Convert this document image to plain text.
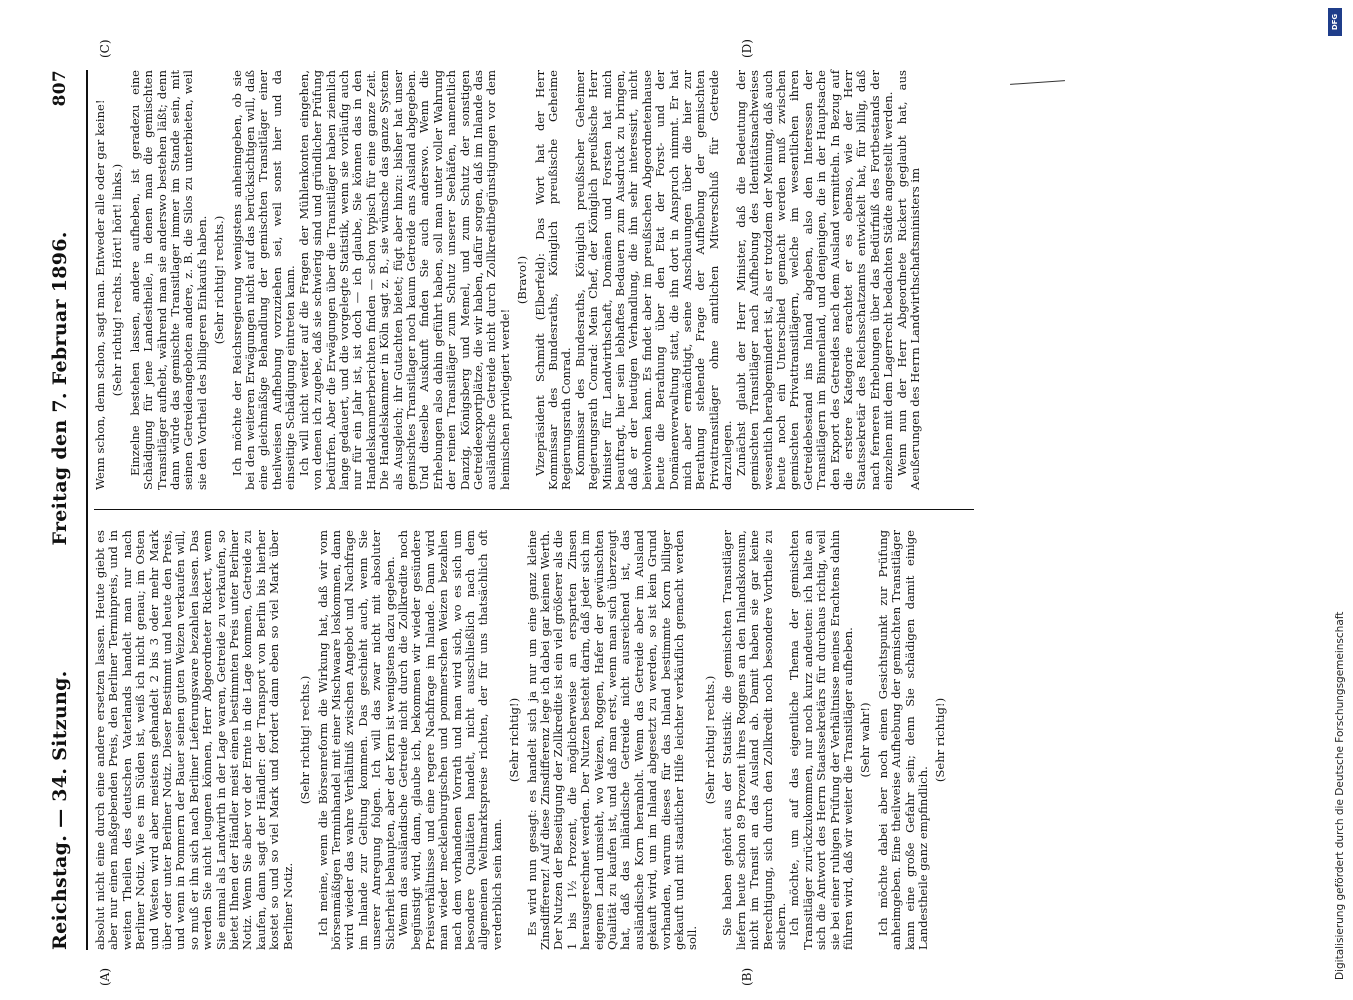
Reichstag. — 34. Sitzung.
Freitag den 7. Februar 1896.
807

absolut nicht eine durch eine andere ersetzen lassen. Heute giebt es aber nur einen maßgebenden Preis, den Berliner Terminpreis, und in weiten Theilen des deutschen Vaterlands handelt man nur nach Berliner Notiz. Wie es im Süden ist, weiß ich nicht genau; im Osten und Westen wird aber meistens gehandelt 2 bis 3 oder mehr Mark über oder unter Berliner Notiz. Dieser Bestimmt und heute den Preis, und wenn in Pommern der Bauer seinen guten Weizen verkaufen will, so muß er ihn sich nach Berliner Lieferungsware bezahlen lassen. Das werden Sie nicht leugnen können, Herr Abgeordneter Rickert, wenn Sie einmal als Landwirth in der Lage waren, Getreide zu verkaufen, so bietet Ihnen der Händler meist einen bestimmten Preis unter Berliner Notiz. Wenn Sie aber vor der Ernte in die Lage kommen, Getreide zu kaufen, dann sagt der Händler: der Transport von Berlin bis hierher kostet so und so viel Mark und fordert dann eben so viel Mark über Berliner Notiz.

(Sehr richtig! rechts.) Ich meine, wenn die Börsenreform die Wirkung hat, daß wir vom börsenmäßigen Terminhandel mit einer Mischwaare loskommen, dann wird wieder das wahre Verhältniß zwischen Angebot und Nachfrage im Inlande zur Geltung kommen. Das geschieht auch, wenn Sie unserer Anregung folgen. Ich will das zwar nicht mit absoluter Sicherheit behaupten, aber der Kern ist wenigstens dazu gegeben. Wenn das ausländische Getreide nicht durch die Zollkredite noch begünstigt wird, dann, glaube ich, bekommen wir wieder gesündere Preisverhältnisse und eine regere Nachfrage im Inlande. Dann wird man wieder mecklenburgischen und pommerschen Weizen bezahlen nach dem vorhandenen Vorrath und man wird sich, wo es sich um besondere Qualitäten handelt, nicht ausschließlich nach dem allgemeinen Weltmarktspreise richten, der für uns thatsächlich oft verderblich sein kann.

(Sehr richtig!) Es wird nun gesagt: es handelt sich ja nur um eine ganz kleine Zinsdifferenz! Auf diese Zinsdifferenz lege ich dabei gar keinen Werth. Der Nutzen der Beseitigung der Zollkredite ist ein viel größerer als die 1 bis 1½ Prozent, die möglicherweise an ersparten Zinsen herausgerechnet werden. Der Nutzen besteht darin, daß jeder sich im eigenen Land umsieht, wo Weizen, Roggen, Hafer der gewünschten Qualität zu kaufen ist, und daß man erst, wenn man sich überzeugt hat, daß das inländische Getreide nicht ausreichend ist, das ausländische Korn heranholt. Wenn das Getreide aber im Ausland gekauft wird, um im Inland abgesetzt zu werden, so ist kein Grund vorhanden, warum dieses für das Inland bestimmte Korn billiger gekauft und mit staatlicher Hilfe leichter verkäuflich gemacht werden soll.

(Sehr richtig! rechts.) Sie haben gehört aus der Statistik: die gemischten Transitläger liefern heute schon 89 Prozent ihres Roggens an den Inlandskonsum, nicht im Transit an das Ausland ab. Damit haben sie gar keine Berechtigung, sich durch den Zollkredit noch besondere Vortheile zu sichern. Ich möchte, um auf das eigentliche Thema der gemischten Transitläger zurückzukommen, nur noch kurz andeuten: ich halte an sich die Antwort des Herrn Staatssekretärs für durchaus richtig, weil sie bei einer ruhigen Prüfung der Verhältnisse meines Erachtens dahin führen wird, daß wir weiter die Transitläger aufheben. (Sehr wahr!) Ich möchte dabei aber noch einen Gesichtspunkt zur Prüfung anheimgeben. Eine theilweise Aufhebung der gemischten Transitläger kann eine große Gefahr sein; denn Sie schädigen damit einige Landestheile ganz empfindlich.

(Sehr richtig!)

Wenn schon, denn schon, sagt man. Entweder alle oder gar keine! (Sehr richtig! rechts. Hört! hört! links.) Einzelne bestehen lassen, andere aufheben, ist geradezu eine Schädigung für jene Landestheile, in denen man die gemischten Transitläger aufhebt, während man sie anderswo bestehen läßt; denn dann würde das gemischte Transitlager immer im Stande sein, mit seinen Getreideangeboten andere, z. B. die Silos zu unterbieten, weil sie den Vortheil des billigeren Einkaufs haben. (Sehr richtig! rechts.) Ich möchte der Reichsregierung wenigstens anheimgeben, ob sie bei den weiteren Erwägungen nicht auf das berücksichtigen will, daß eine gleichmäßige Behandlung der gemischten Transitläger einer theilweisen Aufhebung vorzuziehen sei, weil sonst hier und da einseitige Schädigung eintreten kann. Ich will nicht weiter auf die Fragen der Mühlenkonten eingehen, von denen ich zugebe, daß sie schwierig sind und gründlicher Prüfung bedürfen. Aber die Erwägungen über die Transitläger haben ziemlich lange gedauert, und die vorgelegte Statistik, wenn sie vorläufig auch nur für ein Jahr ist, ist doch — ich glaube, Sie können das in den Handelskammerberichten finden — schon typisch für eine ganze Zeit. Die Handelskammer in Köln sagt z. B., sie wünsche das ganze System als Ausgleich; ihr Gutachten bietet; fügt aber hinzu: bisher hat unser gemischtes Transitlager noch kaum Getreide ans Ausland abgegeben. Und dieselbe Auskunft finden Sie auch anderswo. Wenn die Erhebungen also dahin geführt haben, soll man unter voller Wahrung der reinen Transitläger zum Schutz unserer Seehäfen, namentlich Danzig, Königsberg und Memel, und zum Schutz der sonstigen Getreideexportplätze, die wir haben, dafür sorgen, daß im Inlande das ausländische Getreide nicht durch Zollkreditbegünstigungen vor dem heimischen privilegiert werde!

(Bravo!) Vizepräsident Schmidt (Elberfeld): Das Wort hat der Herr Kommissar des Bundesraths, Königlich preußische Geheime Regierungsrath Conrad. Kommissar des Bundesraths, Königlich preußischer Geheimer Regierungsrath Conrad: Mein Chef, der Königlich preußische Herr Minister für Landwirthschaft, Domänen und Forsten hat mich beauftragt, hier sein lebhaftes Bedauern zum Ausdruck zu bringen, daß er der heutigen Verhandlung, die ihn sehr interessirt, nicht beiwohnen kann. Es findet aber im preußischen Abgeordnetenhause heute die Berathung über den Etat der Forst- und der Domänenverwaltung statt, die ihn dort in Anspruch nimmt. Er hat mich aber ermächtigt, seine Anschauungen über die hier zur Berathung stehende Frage der Aufhebung der gemischten Privattransitläger ohne amtlichen Mitverschluß für Getreide darzulegen. Zunächst glaubt der Herr Minister, daß die Bedeutung der gemischten Transitläger nach Aufhebung des Identitätsnachweises wesentlich herabgemindert ist, als er trotzdem der Meinung, daß auch heute noch ein Unterschied gemacht werden muß zwischen gemischten Privattransitlägern, welche im wesentlichen ihren Getreidebestand ins Inland abgeben, also den Interessen der Transitlägern im Binnenland, und denjenigen, die in der Hauptsache den Export des Getreides nach dem Ausland vermitteln. In Bezug auf die erstere Kategorie erachtet er es ebenso, wie der Herr Staatssekretär des Reichsschatzamts entwickelt hat, für billig, daß nach ferneren Erhebungen über das Bedürfniß des Fortbestands der einzelnen mit dem Lagerrecht bedachten Städte angestellt werden. Wenn nun der Herr Abgeordnete Rickert geglaubt hat, aus Aeußerungen des Herrn Landwirthschaftsministers im

(A)	(B)
(C)	(D)
DFG
Digitalisierung gefördert durch die Deutsche Forschungsgemeinschaft
